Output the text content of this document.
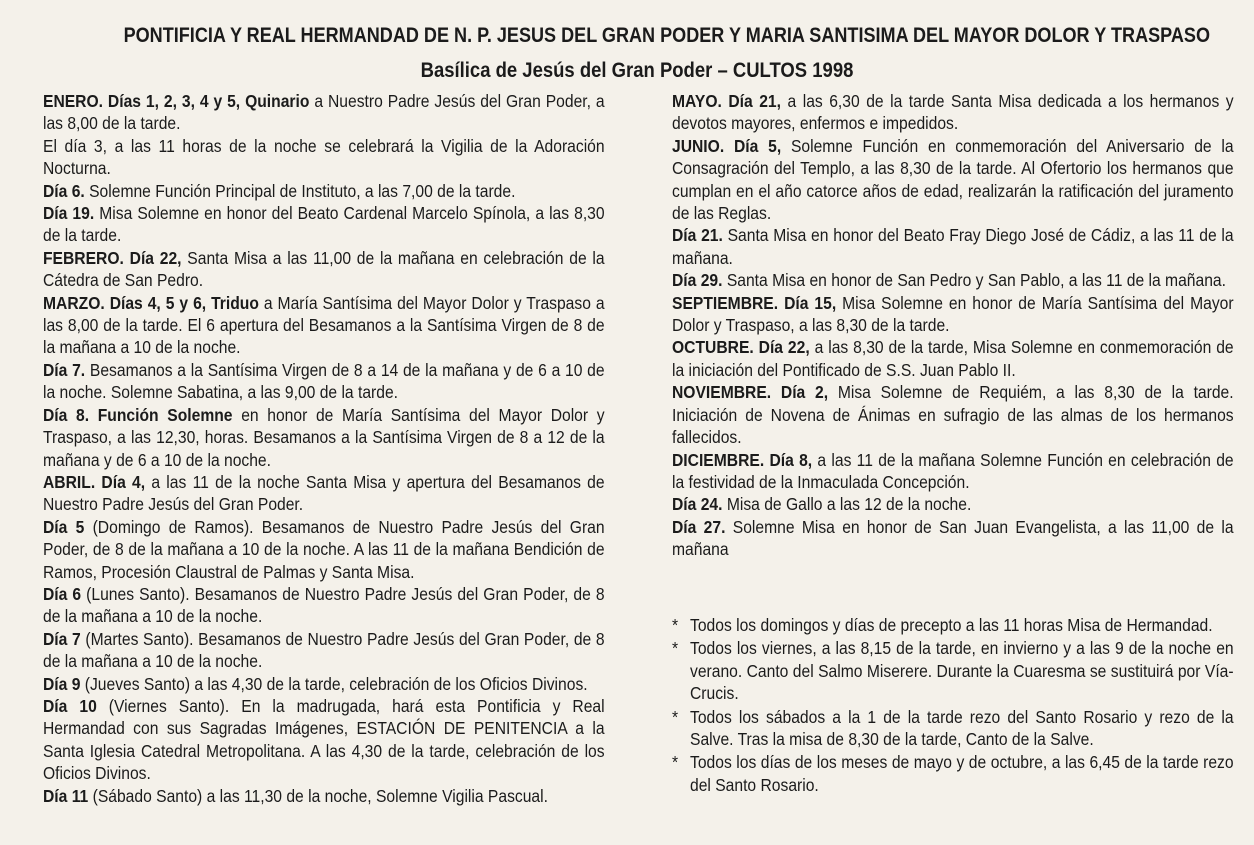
PONTIFICIA Y REAL HERMANDAD DE N. P. JESUS DEL GRAN PODER Y MARIA SANTISIMA DEL MAYOR DOLOR Y TRASPASO
Basílica de Jesús del Gran Poder – CULTOS 1998

ENERO. Días 1, 2, 3, 4 y 5, Quinario a Nuestro Padre Jesús del Gran Poder, a las 8,00 de la tarde.

El día 3, a las 11 horas de la noche se celebrará la Vigilia de la Adoración Nocturna.

Día 6. Solemne Función Principal de Instituto, a las 7,00 de la tarde.

Día 19. Misa Solemne en honor del Beato Cardenal Marcelo Spínola, a las 8,30 de la tarde.

FEBRERO. Día 22, Santa Misa a las 11,00 de la mañana en celebración de la Cátedra de San Pedro.

MARZO. Días 4, 5 y 6, Triduo a María Santísima del Mayor Dolor y Traspaso a las 8,00 de la tarde. El 6 apertura del Besamanos a la Santísima Virgen de 8 de la mañana a 10 de la noche.

Día 7. Besamanos a la Santísima Virgen de 8 a 14 de la mañana y de 6 a 10 de la noche. Solemne Sabatina, a las 9,00 de la tarde.

Día 8. Función Solemne en honor de María Santísima del Mayor Dolor y Traspaso, a las 12,30, horas. Besamanos a la Santísima Virgen de 8 a 12 de la mañana y de 6 a 10 de la noche.

ABRIL. Día 4, a las 11 de la noche Santa Misa y apertura del Besamanos de Nuestro Padre Jesús del Gran Poder.

Día 5 (Domingo de Ramos). Besamanos de Nuestro Padre Jesús del Gran Poder, de 8 de la mañana a 10 de la noche. A las 11 de la mañana Bendición de Ramos, Procesión Claustral de Palmas y Santa Misa.

Día 6 (Lunes Santo). Besamanos de Nuestro Padre Jesús del Gran Poder, de 8 de la mañana a 10 de la noche.

Día 7 (Martes Santo). Besamanos de Nuestro Padre Jesús del Gran Poder, de 8 de la mañana a 10 de la noche.

Día 9 (Jueves Santo) a las 4,30 de la tarde, celebración de los Oficios Divinos.

Día 10 (Viernes Santo). En la madrugada, hará esta Pontificia y Real Hermandad con sus Sagradas Imágenes, ESTACIÓN DE PENITENCIA a la Santa Iglesia Catedral Metropolitana. A las 4,30 de la tarde, celebración de los Oficios Divinos.

Día 11 (Sábado Santo) a las 11,30 de la noche, Solemne Vigilia Pascual.

MAYO. Día 21, a las 6,30 de la tarde Santa Misa dedicada a los hermanos y devotos mayores, enfermos e impedidos.

JUNIO. Día 5, Solemne Función en conmemoración del Aniversario de la Consagración del Templo, a las 8,30 de la tarde. Al Ofertorio los hermanos que cumplan en el año catorce años de edad, realizarán la ratificación del juramento de las Reglas.

Día 21. Santa Misa en honor del Beato Fray Diego José de Cádiz, a las 11 de la mañana.

Día 29. Santa Misa en honor de San Pedro y San Pablo, a las 11 de la mañana.

SEPTIEMBRE. Día 15, Misa Solemne en honor de María Santísima del Mayor Dolor y Traspaso, a las 8,30 de la tarde.

OCTUBRE. Día 22, a las 8,30 de la tarde, Misa Solemne en conmemoración de la iniciación del Pontificado de S.S. Juan Pablo II.

NOVIEMBRE. Día 2, Misa Solemne de Requiém, a las 8,30 de la tarde. Iniciación de Novena de Ánimas en sufragio de las almas de los hermanos fallecidos.

DICIEMBRE. Día 8, a las 11 de la mañana Solemne Función en celebración de la festividad de la Inmaculada Concepción.

Día 24. Misa de Gallo a las 12 de la noche.

Día 27. Solemne Misa en honor de San Juan Evangelista, a las 11,00 de la mañana

* Todos los domingos y días de precepto a las 11 horas Misa de Hermandad.
* Todos los viernes, a las 8,15 de la tarde, en invierno y a las 9 de la noche en verano. Canto del Salmo Miserere. Durante la Cuaresma se sustituirá por Vía-Crucis.
* Todos los sábados a la 1 de la tarde rezo del Santo Rosario y rezo de la Salve. Tras la misa de 8,30 de la tarde, Canto de la Salve.
* Todos los días de los meses de mayo y de octubre, a las 6,45 de la tarde rezo del Santo Rosario.
